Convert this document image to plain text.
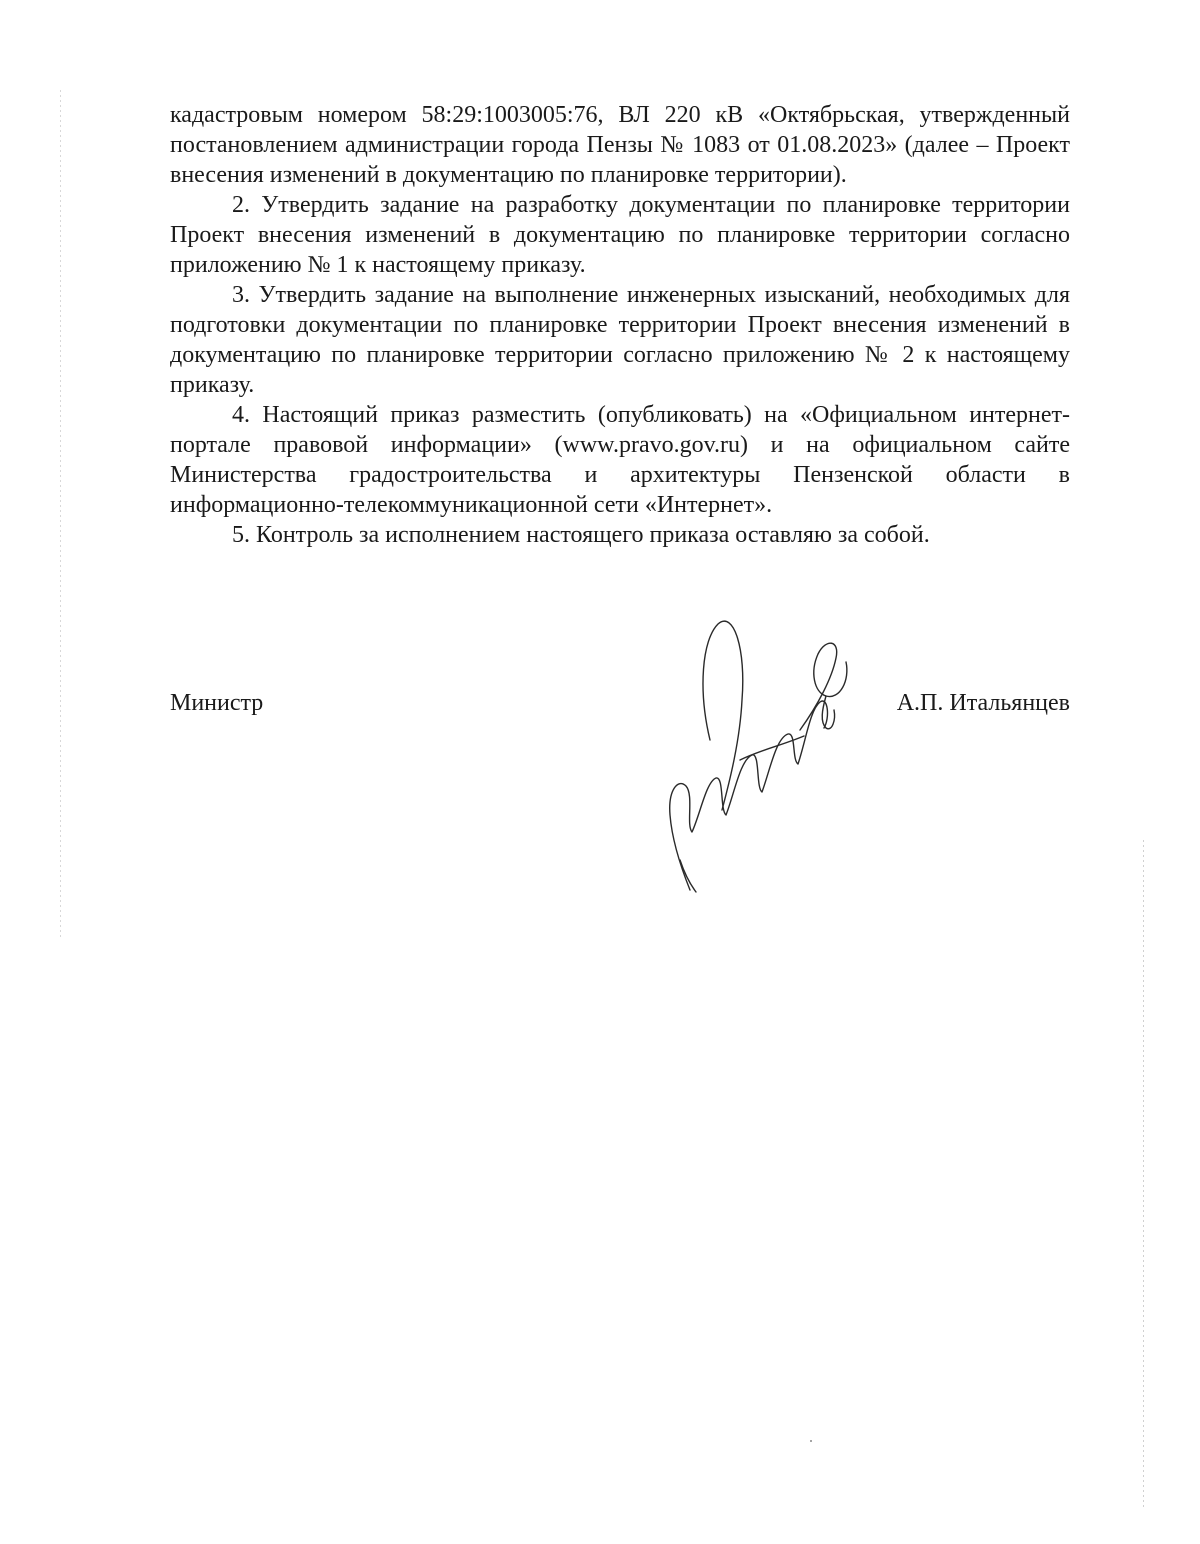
кадастровым номером 58:29:1003005:76, ВЛ 220 кВ «Октябрьская, утвержденный постановлением администрации города Пензы № 1083 от 01.08.2023» (далее – Проект внесения изменений в документацию по планировке территории).

2. Утвердить задание на разработку документации по планировке территории Проект внесения изменений в документацию по планировке территории согласно приложению № 1 к настоящему приказу.

3. Утвердить задание на выполнение инженерных изысканий, необходимых для подготовки документации по планировке территории Проект внесения изменений в документацию по планировке территории согласно приложению № 2 к настоящему приказу.

4. Настоящий приказ разместить (опубликовать) на «Официальном интернет-портале правовой информации» (www.pravo.gov.ru) и на официальном сайте Министерства градостроительства и архитектуры Пензенской области в информационно-телекоммуникационной сети «Интернет».

5. Контроль за исполнением настоящего приказа оставляю за собой.

Министр	А.П. Итальянцев
